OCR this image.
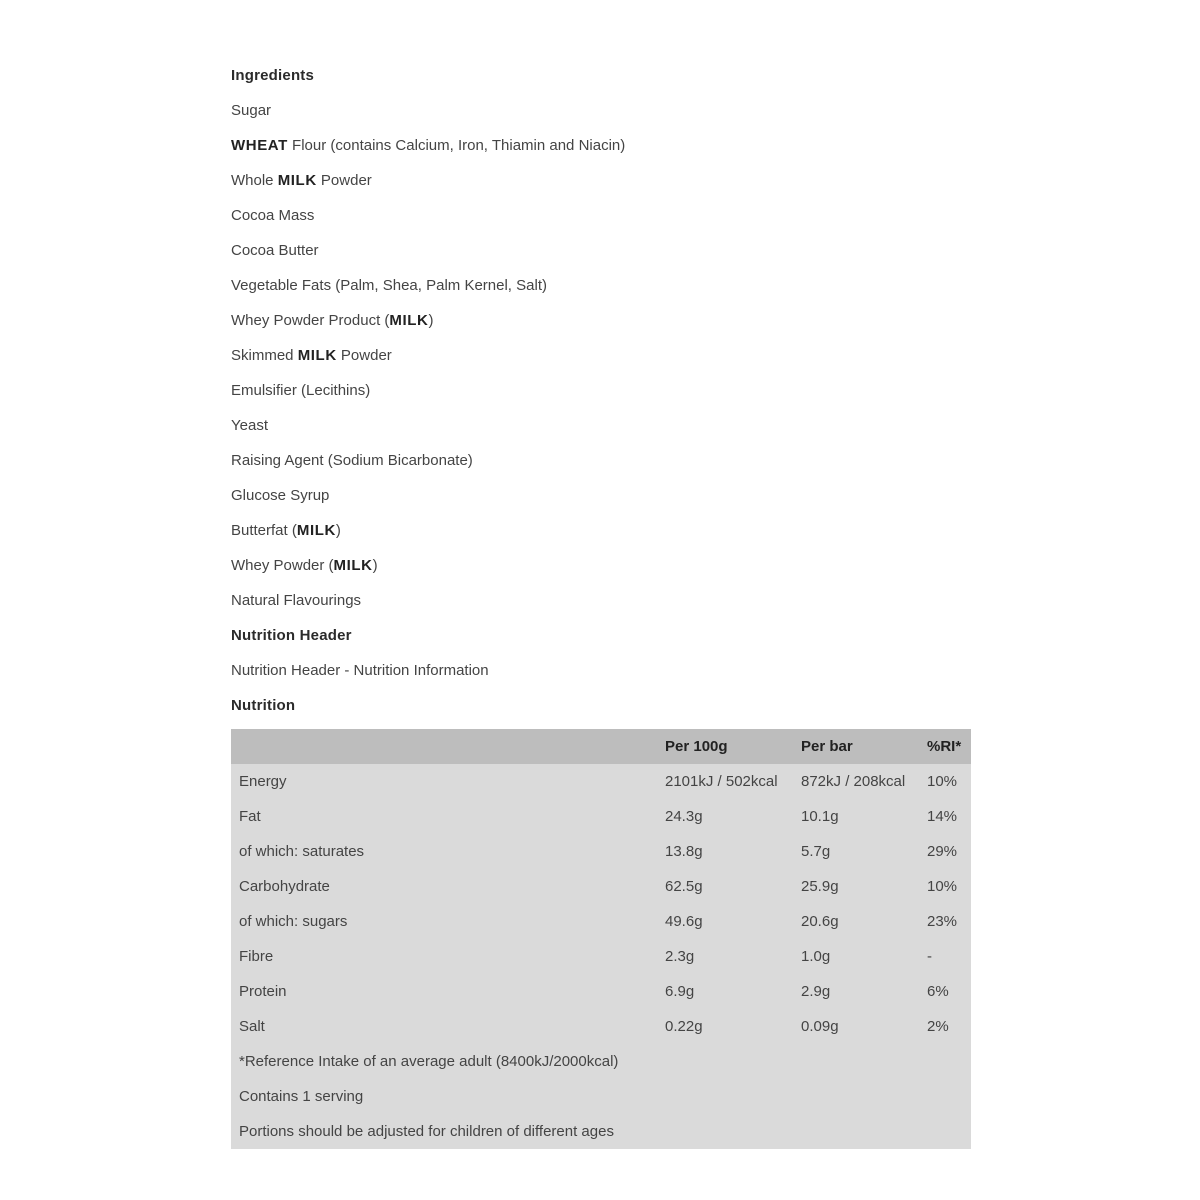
Ingredients
Sugar
WHEAT Flour (contains Calcium, Iron, Thiamin and Niacin)
Whole MILK Powder
Cocoa Mass
Cocoa Butter
Vegetable Fats (Palm, Shea, Palm Kernel, Salt)
Whey Powder Product (MILK)
Skimmed MILK Powder
Emulsifier (Lecithins)
Yeast
Raising Agent (Sodium Bicarbonate)
Glucose Syrup
Butterfat (MILK)
Whey Powder (MILK)
Natural Flavourings
Nutrition Header
Nutrition Header - Nutrition Information
Nutrition
	Per 100g	Per bar	%RI*
Energy	2101kJ / 502kcal	872kJ / 208kcal	10%
Fat	24.3g	10.1g	14%
of which: saturates	13.8g	5.7g	29%
Carbohydrate	62.5g	25.9g	10%
of which: sugars	49.6g	20.6g	23%
Fibre	2.3g	1.0g	-
Protein	6.9g	2.9g	6%
Salt	0.22g	0.09g	2%
*Reference Intake of an average adult (8400kJ/2000kcal)			
Contains 1 serving			
Portions should be adjusted for children of different ages			
